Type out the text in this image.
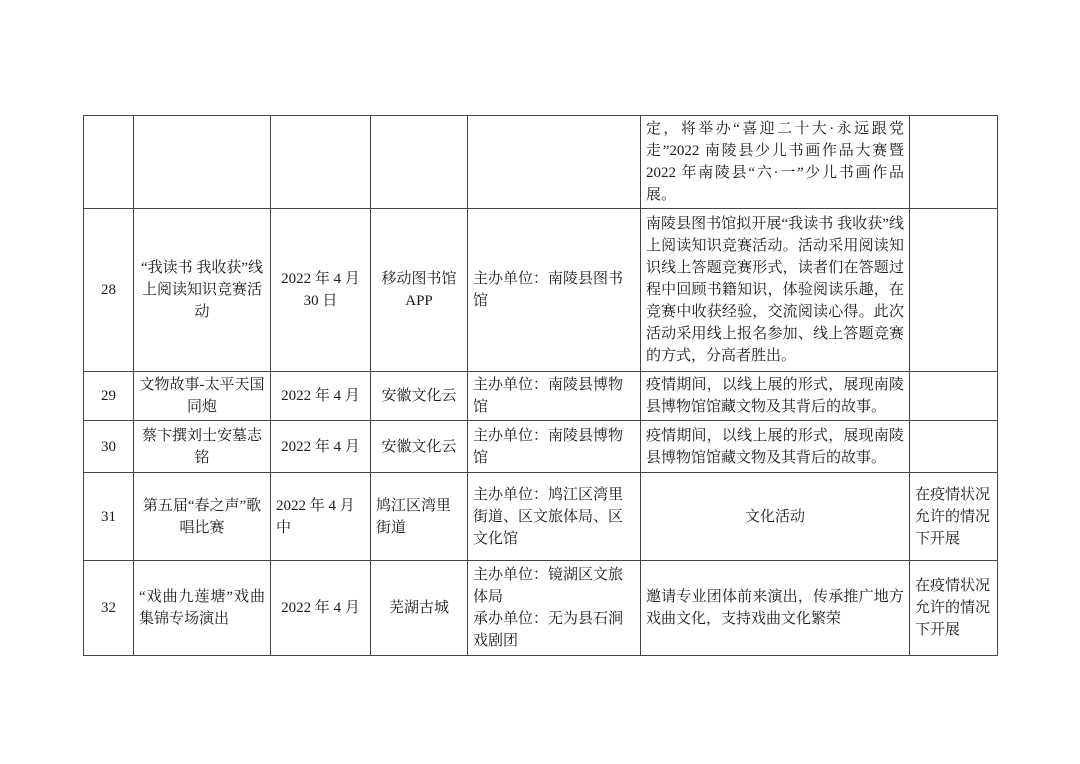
					定，将举办“喜迎二十大·永远跟党走”2022 南陵县少儿书画作品大赛暨 2022 年南陵县“六·一”少儿书画作品展。	
28	“我读书 我收获”线上阅读知识竞赛活动	2022 年 4 月 30 日	移动图书馆 APP	主办单位：南陵县图书馆	南陵县图书馆拟开展“我读书 我收获”线上阅读知识竞赛活动。活动采用阅读知识线上答题竞赛形式，读者们在答题过程中回顾书籍知识，体验阅读乐趣，在竞赛中收获经验，交流阅读心得。此次活动采用线上报名参加、线上答题竞赛的方式，分高者胜出。	
29	文物故事-太平天国同炮	2022 年 4 月	安徽文化云	主办单位：南陵县博物馆	疫情期间，以线上展的形式，展现南陵县博物馆馆藏文物及其背后的故事。	
30	蔡卞撰刘士安墓志铭	2022 年 4 月	安徽文化云	主办单位：南陵县博物馆	疫情期间，以线上展的形式，展现南陵县博物馆馆藏文物及其背后的故事。	
31	第五届“春之声”歌唱比赛	2022 年 4 月中	鸠江区湾里街道	主办单位：鸠江区湾里街道、区文旅体局、区文化馆	文化活动	在疫情状况允许的情况下开展
32	“戏曲九莲塘”戏曲集锦专场演出	2022 年 4 月	芜湖古城	主办单位：镜湖区文旅体局
承办单位：无为县石涧戏剧团	邀请专业团体前来演出，传承推广地方戏曲文化，支持戏曲文化繁荣	在疫情状况允许的情况下开展
